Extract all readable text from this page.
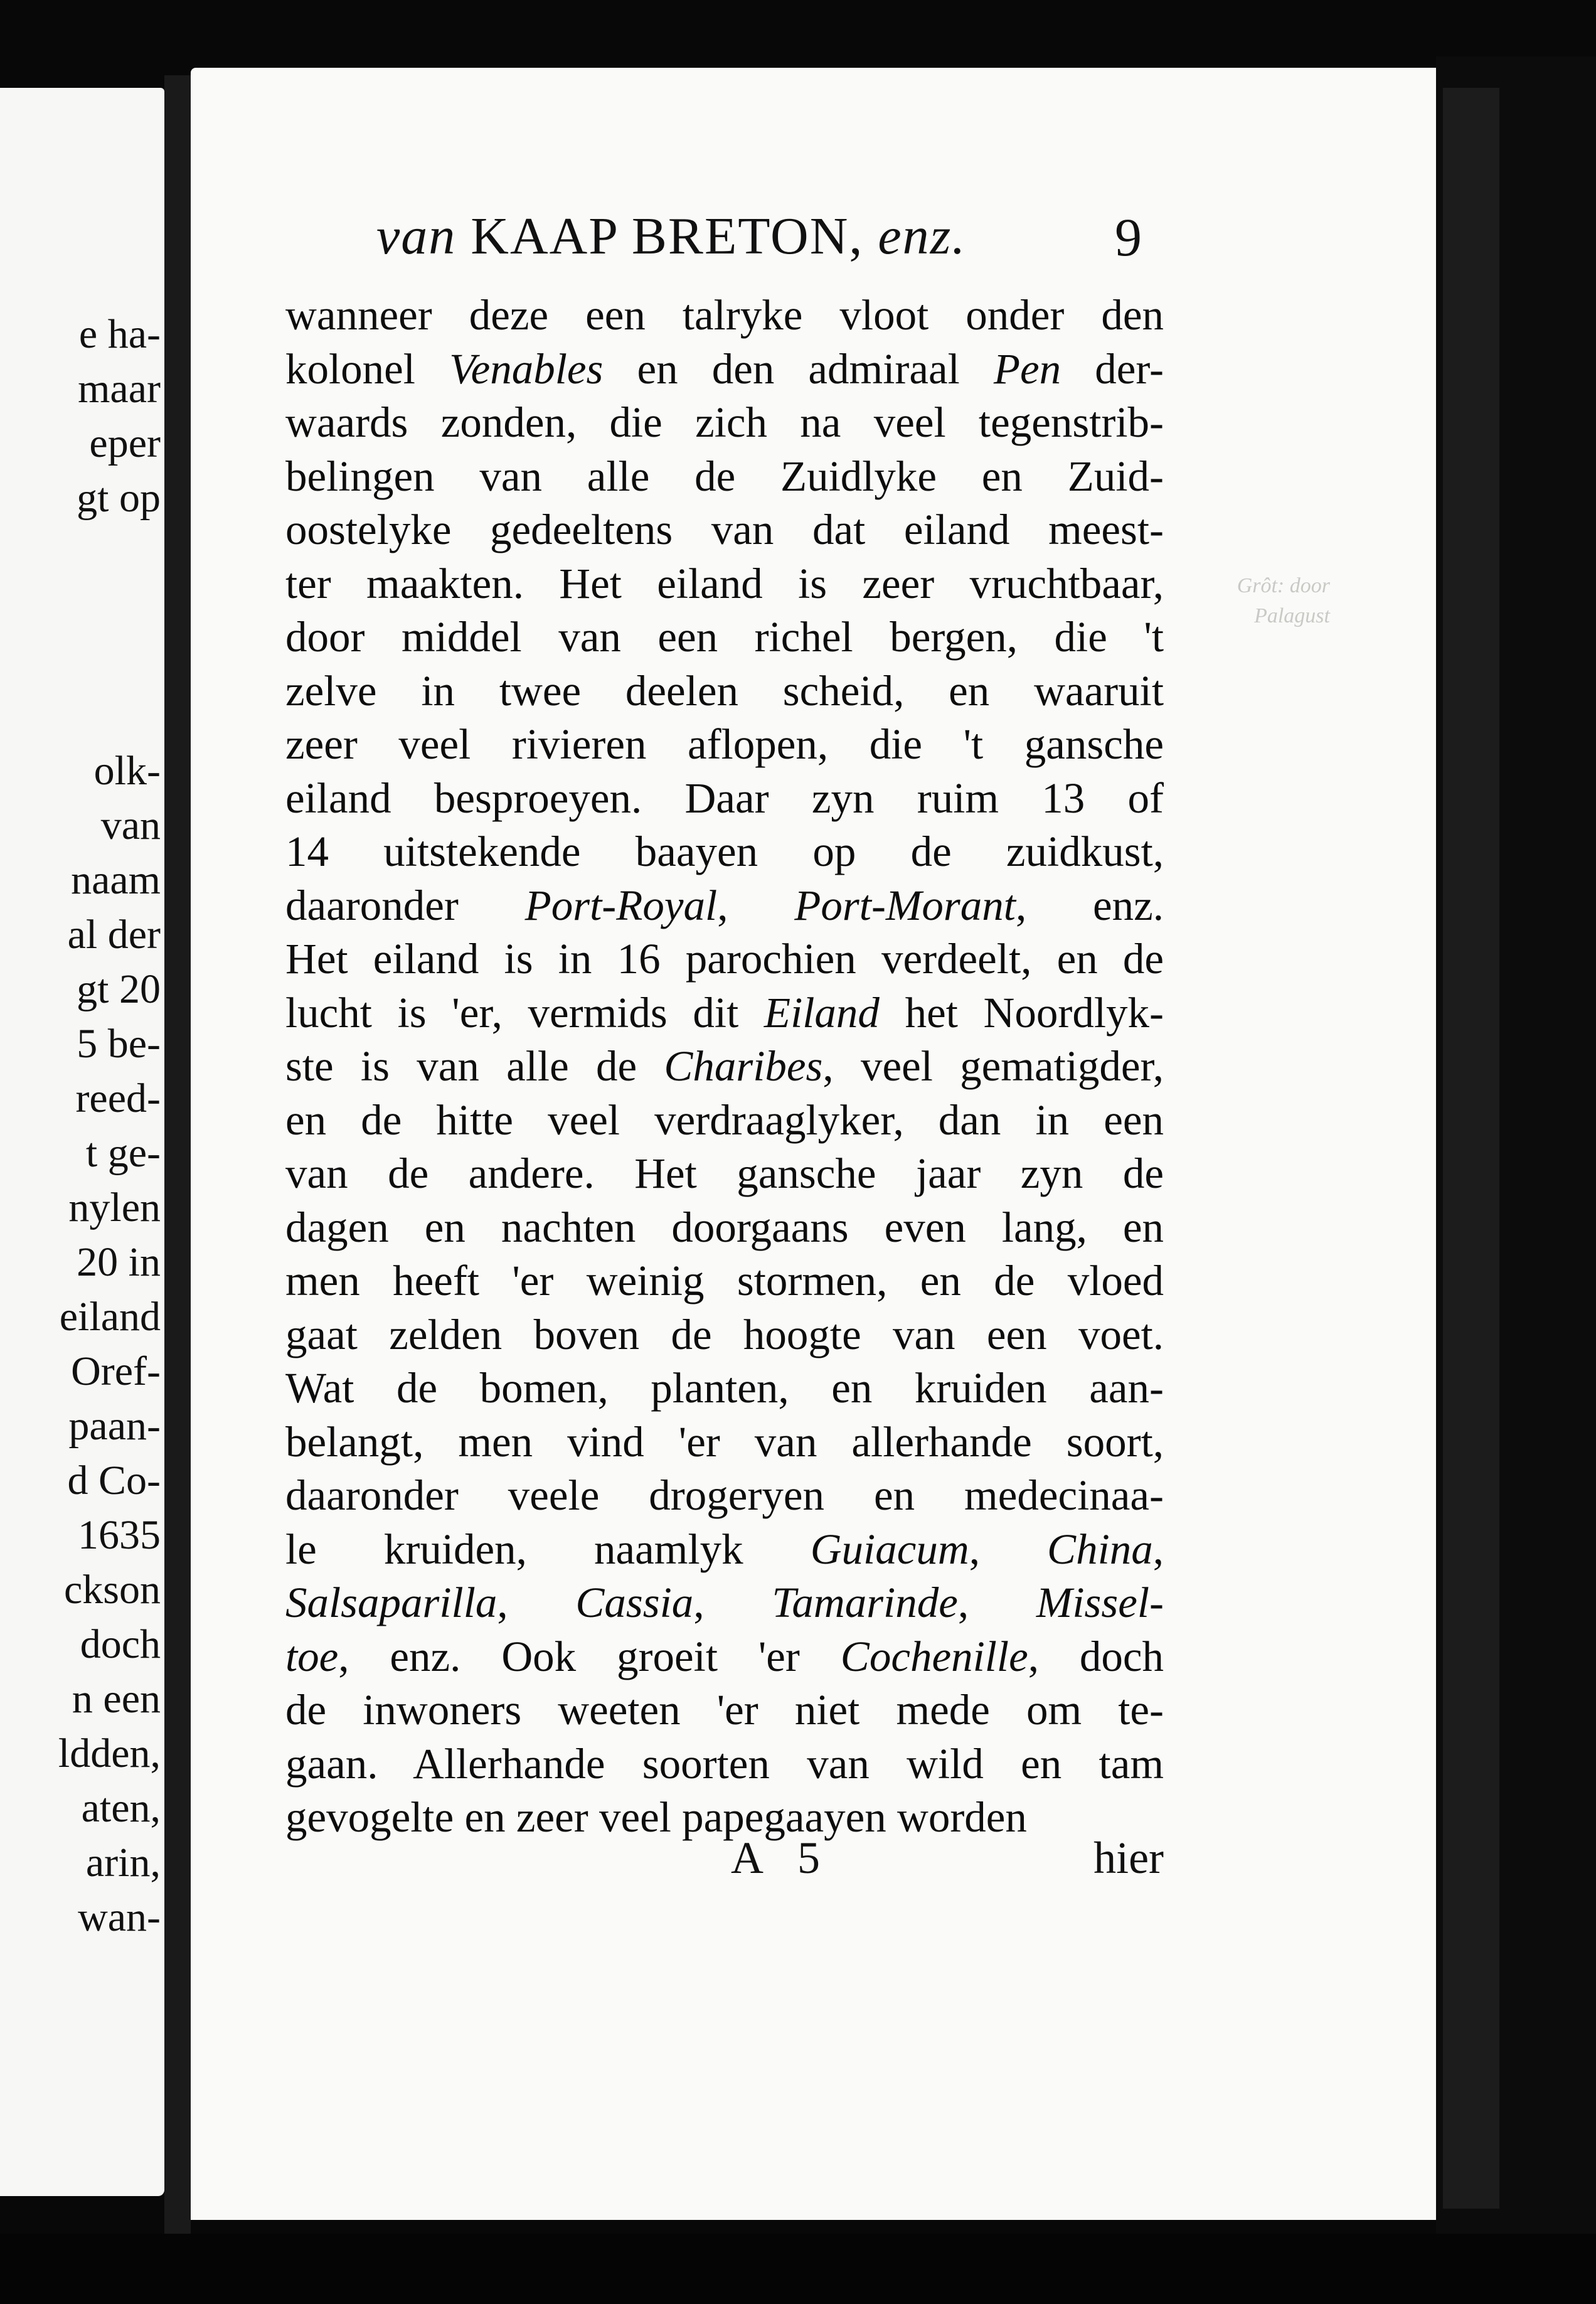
e ha-
maar
eper
gt op
olk-
van
naam
al der
gt 20
5 be-
reed-
t ge-
nylen
20 in
eiland
Oref-
paan-
d Co-
1635
ckson
doch
n een
ldden,
aten,
arin,
wan-
van KAAP BRETON, enz.	9
wanneer deze een talryke vloot onder den
kolonel Venables en den admiraal Pen der-
waards zonden, die zich na veel tegenstrib-
belingen van alle de Zuidlyke en Zuid-
oostelyke gedeeltens van dat eiland meest-
ter maakten. Het eiland is zeer vruchtbaar,
door middel van een richel bergen, die 't
zelve in twee deelen scheid, en waaruit
zeer veel rivieren aflopen, die 't gansche
eiland besproeyen. Daar zyn ruim 13 of
14 uitstekende baayen op de zuidkust,
daaronder Port-Royal, Port-Morant, enz.
Het eiland is in 16 parochien verdeelt, en de
lucht is 'er, vermids dit Eiland het Noordlyk-
ste is van alle de Charibes, veel gematigder,
en de hitte veel verdraaglyker, dan in een
van de andere. Het gansche jaar zyn de
dagen en nachten doorgaans even lang, en
men heeft 'er weinig stormen, en de vloed
gaat zelden boven de hoogte van een voet.
Wat de bomen, planten, en kruiden aan-
belangt, men vind 'er van allerhande soort,
daaronder veele drogeryen en medecinaa-
le kruiden, naamlyk Guiacum, China,
Salsaparilla, Cassia, Tamarinde, Missel-
toe, enz. Ook groeit 'er Cochenille, doch
de inwoners weeten 'er niet mede om te-
gaan. Allerhande soorten van wild en tam
gevogelte en zeer veel papegaayen worden
Grôt: door Palagust
A 5	hier
